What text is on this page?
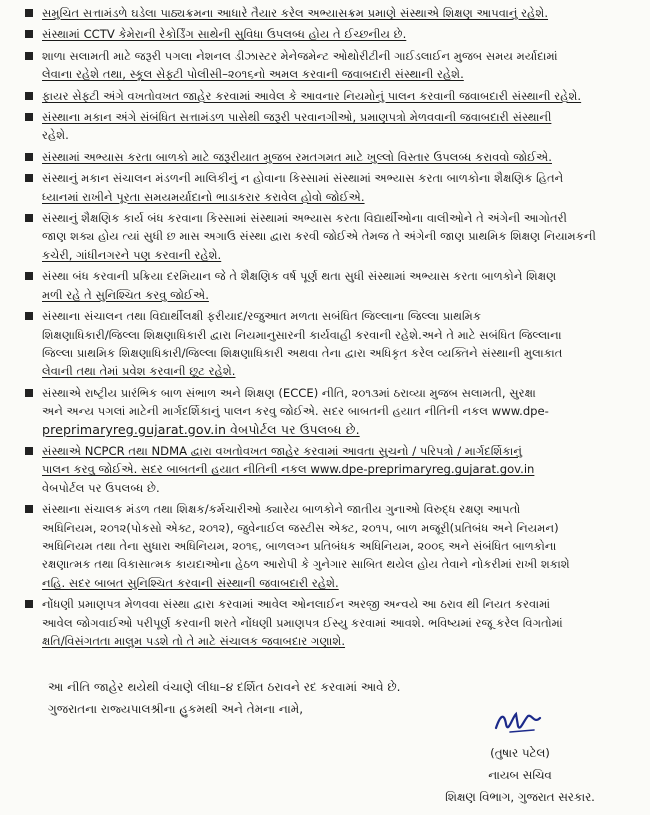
સમુચિત સત્તામંડળે ઘડેલા પાઠ્યક્રમના આધારે તૈયાર કરેલ અભ્યાસક્રમ પ્રમાણે સંસ્થાએ શિક્ષણ આપવાનું રહેશે.
સંસ્થામાં CCTV કેમેરાની રેકોર્ડિંગ સાથેની સુવિધા ઉપલબ્ધ હોય તે ઈચ્છનીય છે.
શાળા સલામતી માટે જરૂરી પગલા નેશનલ ડીઝાસ્ટર મેનેજમેન્ટ ઓથોરીટીની ગાઈડલાઈન મુજબ સમય મર્યાદામાં
લેવાના રહેશે તથા, સ્કૂલ સેફ્ટી પોલીસી–૨૦૧૬નો અમલ કરવાની જવાબદારી સંસ્થાની રહેશે.
ફાયર સેફ્ટી અંગે વખતોવખત જાહેર કરવામાં આવેલ કે આવનાર નિયમોનું પાલન કરવાની જવાબદારી સંસ્થાની રહેશે.
સંસ્થાના મકાન અંગે સંબંધિત સત્તામંડળ પાસેથી જરૂરી પરવાનગીઓ, પ્રમાણપત્રો મેળવવાની જવાબદારી સંસ્થાની
રહેશે.
સંસ્થામાં અભ્યાસ કરતા બાળકો માટે જરૂરીયાત મુજબ રમતગમત માટે ખુલ્લો વિસ્તાર ઉપલબ્ધ કરાવવો જોઈએ.
સંસ્થાનું મકાન સંચાલન મંડળની માલિકીનું ન હોવાના કિસ્સામાં સંસ્થામાં અભ્યાસ કરતા બાળકોના શૈક્ષણિક હિતને
ધ્યાનમાં રાખીને પૂરતા સમયમર્યાદાનો ભાડાકરાર કરાવેલ હોવો જોઈએ.
સંસ્થાનું શૈક્ષણિક કાર્ય બંધ કરવાના કિસ્સામાં સંસ્થામાં અભ્યાસ કરતા વિદ્યાર્થીઓના વાલીઓને તે અંગેની આગોતરી
જાણ શક્ય હોય ત્યાં સુધી છ માસ અગાઉ સંસ્થા દ્વારા કરવી જોઈએ તેમજ તે અંગેની જાણ પ્રાથમિક શિક્ષણ નિયામકની
કચેરી, ગાંધીનગરને પણ કરવાની રહેશે.
સંસ્થા બંધ કરવાની પ્રક્રિયા દરમિયાન જે તે શૈક્ષણિક વર્ષ પૂર્ણ થતા સુધી સંસ્થામાં અભ્યાસ કરતા બાળકોને શિક્ષણ
મળી રહે તે સુનિશ્ચિત કરવુ જોઈએ.
સંસ્થાના સંચાલન તથા વિદ્યાર્થીલક્ષી ફરીયાદ/રજુઆત મળતા સબંધિત જિલ્લાના જિલ્લા પ્રાથમિક
શિક્ષણાધિકારી/જિલ્લા શિક્ષણાધિકારી દ્વારા નિયમાનુસારની કાર્યવાહી કરવાની રહેશે.અને તે માટે સબંધિત જિલ્લાના
જિલ્લા પ્રાથમિક શિક્ષણાધિકારી/જિલ્લા શિક્ષણાધિકારી અથવા તેના દ્વારા અધિકૃત કરેલ વ્યક્તિને સંસ્થાની મુલાકાત
લેવાની તથા તેમાં પ્રવેશ કરવાની છૂટ રહેશે.
સંસ્થાએ રાષ્ટ્રીય પ્રારંભિક બાળ સંભાળ અને શિક્ષણ (ECCE) નીતિ, ૨૦૧૩માં ઠરાવ્યા મુજબ સલામતી, સુરક્ષા
અને અન્ય પગલાં માટેની માર્ગદર્શિકાનું પાલન કરવુ જોઈએ. સદર બાબતની હયાત નીતિની નકલ www.dpe-
preprimaryreg.gujarat.gov.in વેબપોર્ટલ પર ઉપલબ્ધ છે.
સંસ્થાએ NCPCR તથા NDMA દ્વારા વખતોવખત જાહેર કરવામાં આવતા સુચનો / પરિપત્રો / માર્ગદર્શિકાનું
પાલન કરવુ જોઈએ. સદર બાબતની હયાત નીતિની નકલ www.dpe-preprimaryreg.gujarat.gov.in
વેબપોર્ટલ પર ઉપલબ્ધ છે.
સંસ્થાના સંચાલક મંડળ તથા શિક્ષક/કર્મચારીઓ ક્યારેય બાળકોને જાતીય ગુનાઓ વિરુદ્ધ રક્ષણ આપતો
અધિનિયમ, ૨૦૧૨(પોકસો એક્ટ, ૨૦૧૨), જુવેનાઈલ જસ્ટીસ એક્ટ, ૨૦૧૫, બાળ મજૂરી(પ્રતિબંધ અને નિયમન)
અધિનિયમ તથા તેના સુધારા અધિનિયમ, ૨૦૧૬, બાળલગ્ન પ્રતિબંધક અધિનિયમ, ૨૦૦૬ અને સંબંધિત બાળકોના
રક્ષણાત્મક તથા વિકાસાત્મક કાયદાઓના હેઠળ આરોપી કે ગુનેગાર સાબિત થયેલ હોય તેવાને નોકરીમાં રાખી શકાશે
નહિ. સદર બાબત સુનિશ્ચિત કરવાની સંસ્થાની જવાબદારી રહેશે.
નોંધણી પ્રમાણપત્ર મેળવવા સંસ્થા દ્વારા કરવામાં આવેલ ઓનલાઈન અરજી અન્વયે આ ઠરાવ થી નિયત કરવામાં
આવેલ જોગવાઈઓ પરીપૂર્ણ કરવાની શરતે નોંધણી પ્રમાણપત્ર ઈસ્યુ કરવામાં આવશે. ભવિષ્યમાં રજૂ કરેલ વિગતોમાં
ક્ષતિ/વિસંગતતા માલુમ પડશે તો તે માટે સંચાલક જવાબદાર ગણાશે.
આ નીતિ જાહેર થયેથી વંચાણે લીધા–૪ દર્શિત ઠરાવને રદ કરવામાં આવે છે.
ગુજરાતના રાજ્યપાલશ્રીના હુકમથી અને તેમના નામે,
(તુષાર પટેલ)
નાયબ સચિવ
શિક્ષણ વિભાગ, ગુજરાત સરકાર.
